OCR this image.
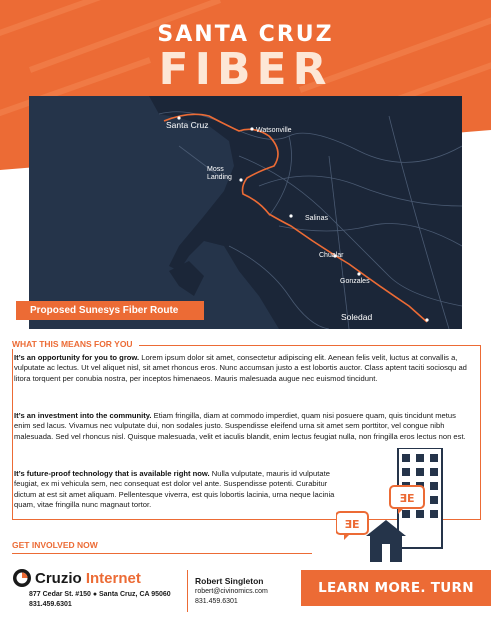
SANTA CRUZ
FIBER
Santa Cruz
Watsonville
Moss Landing
Salinas
Chualar
Gonzales
Soledad
Proposed Sunesys Fiber Route
WHAT THIS MEANS FOR YOU
It’s an opportunity for you to grow. Lorem ipsum dolor sit amet, consectetur adipiscing elit. Aenean felis velit, luctus at convallis a, vulputate ac lectus. Ut vel aliquet nisl, sit amet rhoncus eros. Nunc accumsan justo a est lobortis auctor. Class aptent taciti sociosqu ad litora torquent per conubia nostra, per inceptos himenaeos. Mauris malesuada augue nec euismod tincidunt.
It’s an investment into the community. Etiam fringilla, diam at commodo imperdiet, quam nisi posuere quam, quis tincidunt metus enim sed lacus. Vivamus nec vulputate dui, non sodales justo. Suspendisse eleifend urna sit amet sem porttitor, vel congue nibh malesuada. Sed vel rhoncus nisl. Quisque malesuada, velit et iaculis blandit, enim lectus feugiat nulla, non fringilla eros lectus non est.
It’s future-proof technology that is available right now. Nulla vulputate, mauris id vulputate feugiat, ex mi vehicula sem, nec consequat est dolor vel ante. Suspendisse potenti. Curabitur dictum at est sit amet aliquam. Pellentesque viverra, est quis lobortis lacinia, urna neque lacinia quam, vitae fringilla nunc magnaut tortor.
ƎE
ƎE
GET INVOLVED NOW
Cruzio Internet
877 Cedar St. #150 ● Santa Cruz, CA 95060
831.459.6301
Robert Singleton
robert@civinomics.com
831.459.6301
LEARN MORE. TURN OVER.
